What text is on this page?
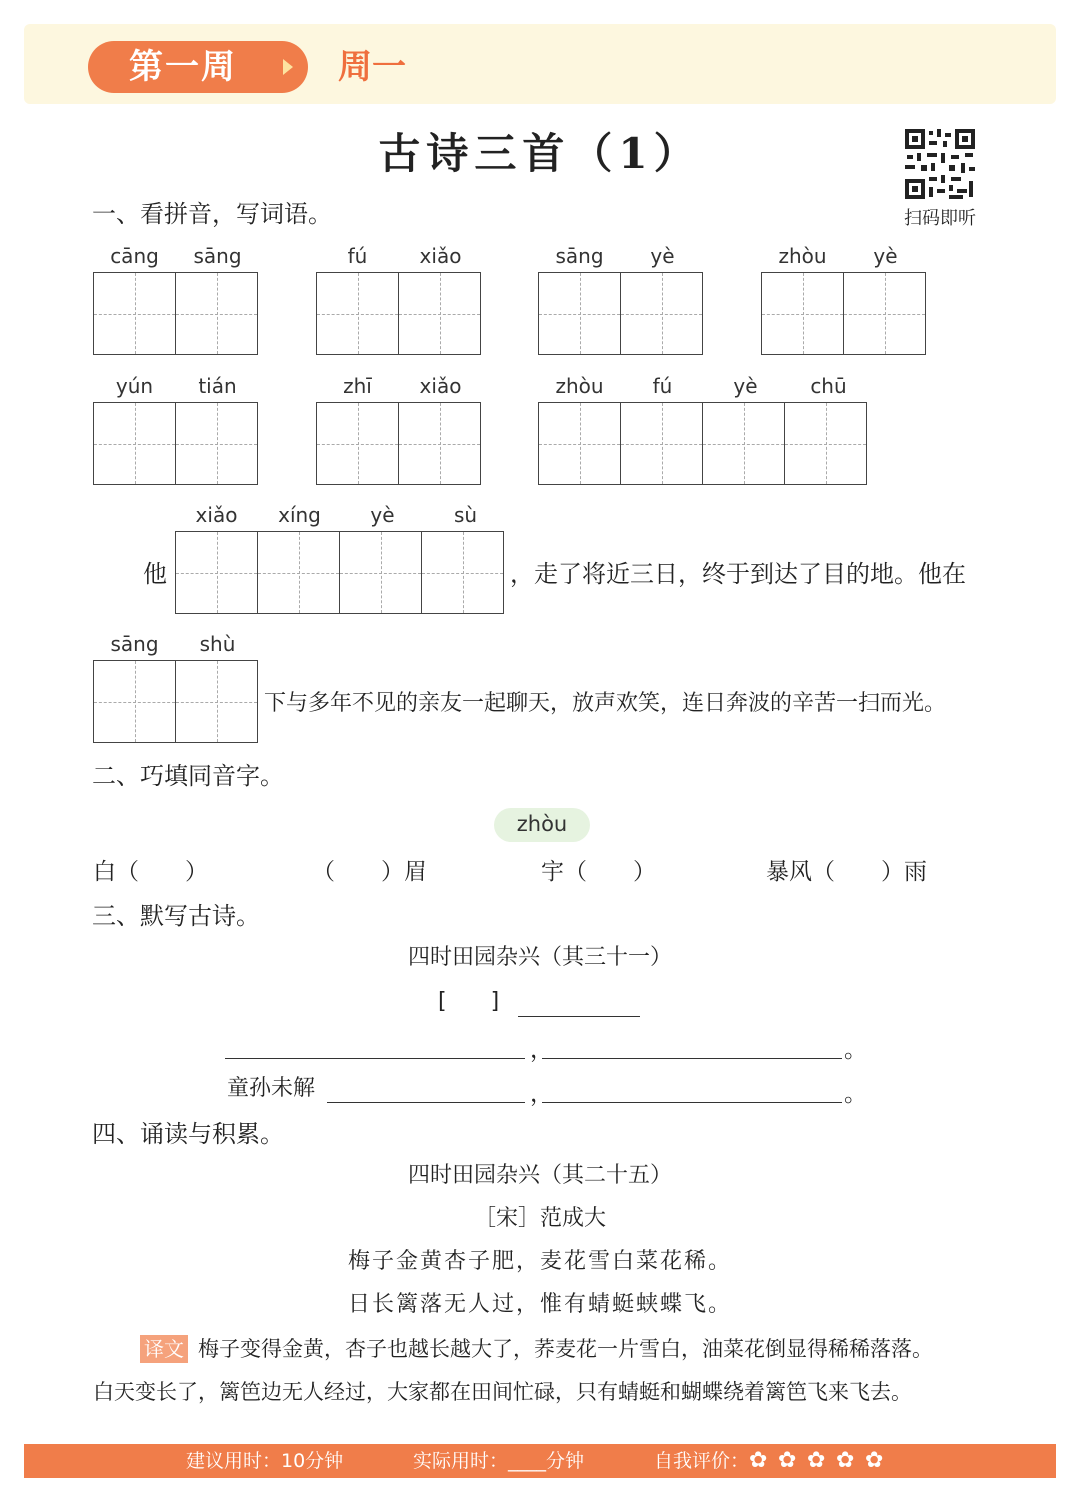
第一周	周一
古诗三首（1）
扫码即听
一、看拼音，写词语。
cāng	sāng	fú	xiǎo	sāng	yè	zhòu	yè
yún	tián	zhī	xiǎo	zhòu	fú	yè	chū
他
xiǎo	xíng	yè	sù
，走了将近三日，终于到达了目的地。他在
sāng	shù
下与多年不见的亲友一起聊天，放声欢笑，连日奔波的辛苦一扫而光。
二、巧填同音字。
zhòu
白（　　）	（　　）眉	宇（　　）	暴风（　　）雨
三、默写古诗。
四时田园杂兴（其三十一）
[　　]
，	。
童孙未解	，	。
四、诵读与积累。
四时田园杂兴（其二十五）
［宋］范成大
梅子金黄杏子肥，麦花雪白菜花稀。
日长篱落无人过，惟有蜻蜓蛱蝶飞。
译文 梅子变得金黄，杏子也越长越大了，荞麦花一片雪白，油菜花倒显得稀稀落落。
白天变长了，篱笆边无人经过，大家都在田间忙碌，只有蜻蜓和蝴蝶绕着篱笆飞来飞去。
建议用时：10分钟	实际用时：____分钟	自我评价： ✿ ✿ ✿ ✿ ✿
